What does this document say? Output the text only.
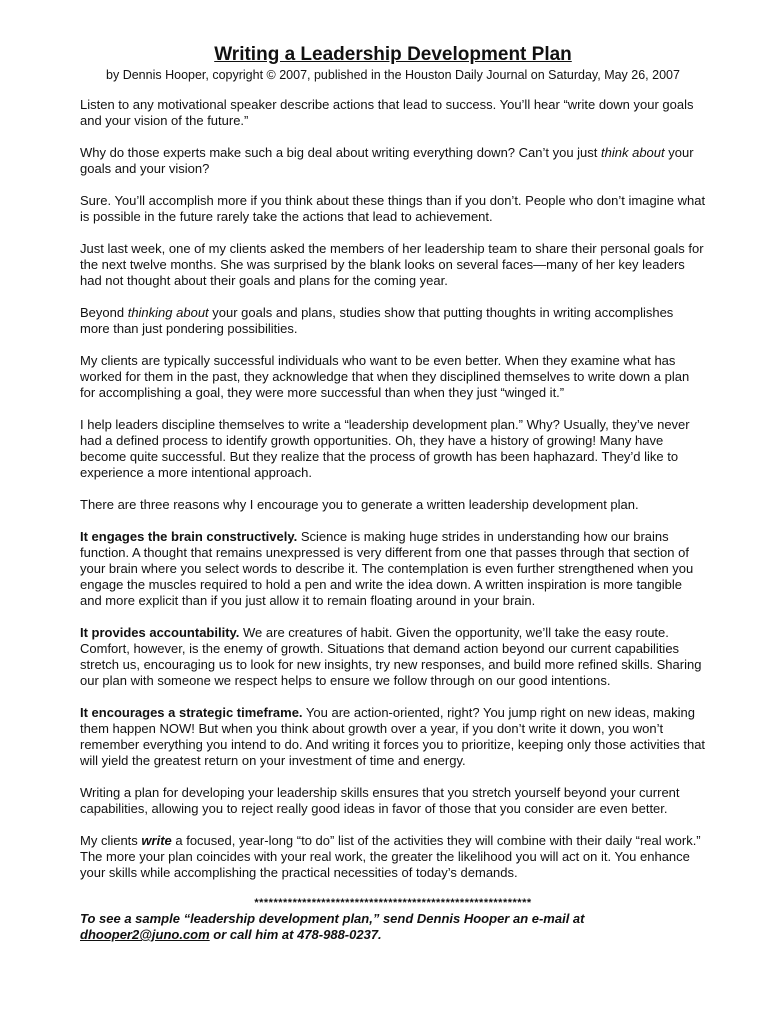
Writing a Leadership Development Plan
by Dennis Hooper, copyright © 2007, published in the Houston Daily Journal on Saturday, May 26, 2007

Listen to any motivational speaker describe actions that lead to success. You’ll hear “write down your goals and your vision of the future.”

Why do those experts make such a big deal about writing everything down? Can’t you just think about your goals and your vision?

Sure. You’ll accomplish more if you think about these things than if you don’t. People who don’t imagine what is possible in the future rarely take the actions that lead to achievement.

Just last week, one of my clients asked the members of her leadership team to share their personal goals for the next twelve months. She was surprised by the blank looks on several faces—many of her key leaders had not thought about their goals and plans for the coming year.

Beyond thinking about your goals and plans, studies show that putting thoughts in writing accomplishes more than just pondering possibilities.

My clients are typically successful individuals who want to be even better. When they examine what has worked for them in the past, they acknowledge that when they disciplined themselves to write down a plan for accomplishing a goal, they were more successful than when they just “winged it.”

I help leaders discipline themselves to write a “leadership development plan.” Why? Usually, they’ve never had a defined process to identify growth opportunities. Oh, they have a history of growing! Many have become quite successful. But they realize that the process of growth has been haphazard. They’d like to experience a more intentional approach.

There are three reasons why I encourage you to generate a written leadership development plan.

It engages the brain constructively. Science is making huge strides in understanding how our brains function. A thought that remains unexpressed is very different from one that passes through that section of your brain where you select words to describe it. The contemplation is even further strengthened when you engage the muscles required to hold a pen and write the idea down. A written inspiration is more tangible and more explicit than if you just allow it to remain floating around in your brain.

It provides accountability. We are creatures of habit. Given the opportunity, we’ll take the easy route. Comfort, however, is the enemy of growth. Situations that demand action beyond our current capabilities stretch us, encouraging us to look for new insights, try new responses, and build more refined skills. Sharing our plan with someone we respect helps to ensure we follow through on our good intentions.

It encourages a strategic timeframe. You are action-oriented, right? You jump right on new ideas, making them happen NOW! But when you think about growth over a year, if you don’t write it down, you won’t remember everything you intend to do. And writing it forces you to prioritize, keeping only those activities that will yield the greatest return on your investment of time and energy.

Writing a plan for developing your leadership skills ensures that you stretch yourself beyond your current capabilities, allowing you to reject really good ideas in favor of those that you consider are even better.

My clients write a focused, year-long “to do” list of the activities they will combine with their daily “real work.” The more your plan coincides with your real work, the greater the likelihood you will act on it. You enhance your skills while accomplishing the practical necessities of today’s demands.

**********************************************************

To see a sample “leadership development plan,” send Dennis Hooper an e-mail at dhooper2@juno.com or call him at 478-988-0237.
